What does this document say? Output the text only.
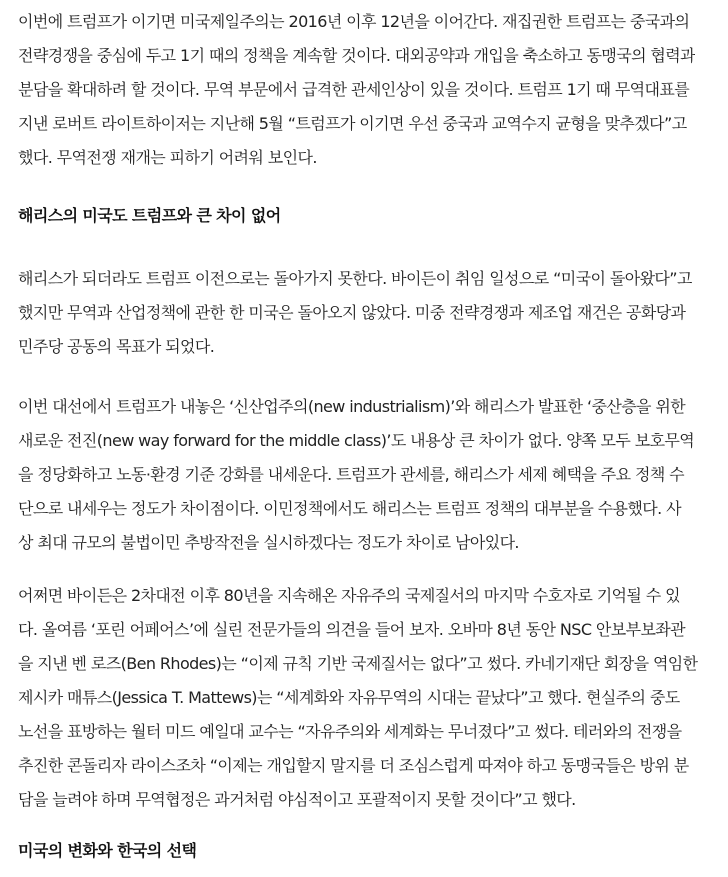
이번에 트럼프가 이기면 미국제일주의는 2016년 이후 12년을 이어간다. 재집권한 트럼프는 중국과의
전략경쟁을 중심에 두고 1기 때의 정책을 계속할 것이다. 대외공약과 개입을 축소하고 동맹국의 협력과
분담을 확대하려 할 것이다. 무역 부문에서 급격한 관세인상이 있을 것이다. 트럼프 1기 때 무역대표를
지낸 로버트 라이트하이저는 지난해 5월 “트럼프가 이기면 우선 중국과 교역수지 균형을 맞추겠다”고
했다. 무역전쟁 재개는 피하기 어려워 보인다.

해리스의 미국도 트럼프와 큰 차이 없어

해리스가 되더라도 트럼프 이전으로는 돌아가지 못한다. 바이든이 취임 일성으로 “미국이 돌아왔다”고
했지만 무역과 산업정책에 관한 한 미국은 돌아오지 않았다. 미중 전략경쟁과 제조업 재건은 공화당과
민주당 공동의 목표가 되었다.

이번 대선에서 트럼프가 내놓은 ‘신산업주의(new industrialism)’와 해리스가 발표한 ‘중산층을 위한
새로운 전진(new way forward for the middle class)’도 내용상 큰 차이가 없다. 양쪽 모두 보호무역
을 정당화하고 노동·환경 기준 강화를 내세운다. 트럼프가 관세를, 해리스가 세제 혜택을 주요 정책 수
단으로 내세우는 정도가 차이점이다. 이민정책에서도 해리스는 트럼프 정책의 대부분을 수용했다. 사
상 최대 규모의 불법이민 추방작전을 실시하겠다는 정도가 차이로 남아있다.

어쩌면 바이든은 2차대전 이후 80년을 지속해온 자유주의 국제질서의 마지막 수호자로 기억될 수 있
다. 올여름 ‘포린 어페어스’에 실린 전문가들의 의견을 들어 보자. 오바마 8년 동안 NSC 안보부보좌관
을 지낸 벤 로즈(Ben Rhodes)는 “이제 규칙 기반 국제질서는 없다”고 썼다. 카네기재단 회장을 역임한
제시카 매튜스(Jessica T. Mattews)는 “세계화와 자유무역의 시대는 끝났다”고 했다. 현실주의 중도
노선을 표방하는 월터 미드 예일대 교수는 “자유주의와 세계화는 무너졌다”고 썼다. 테러와의 전쟁을
추진한 콘돌리자 라이스조차 “이제는 개입할지 말지를 더 조심스럽게 따져야 하고 동맹국들은 방위 분
담을 늘려야 하며 무역협정은 과거처럼 야심적이고 포괄적이지 못할 것이다”고 했다.

미국의 변화와 한국의 선택
